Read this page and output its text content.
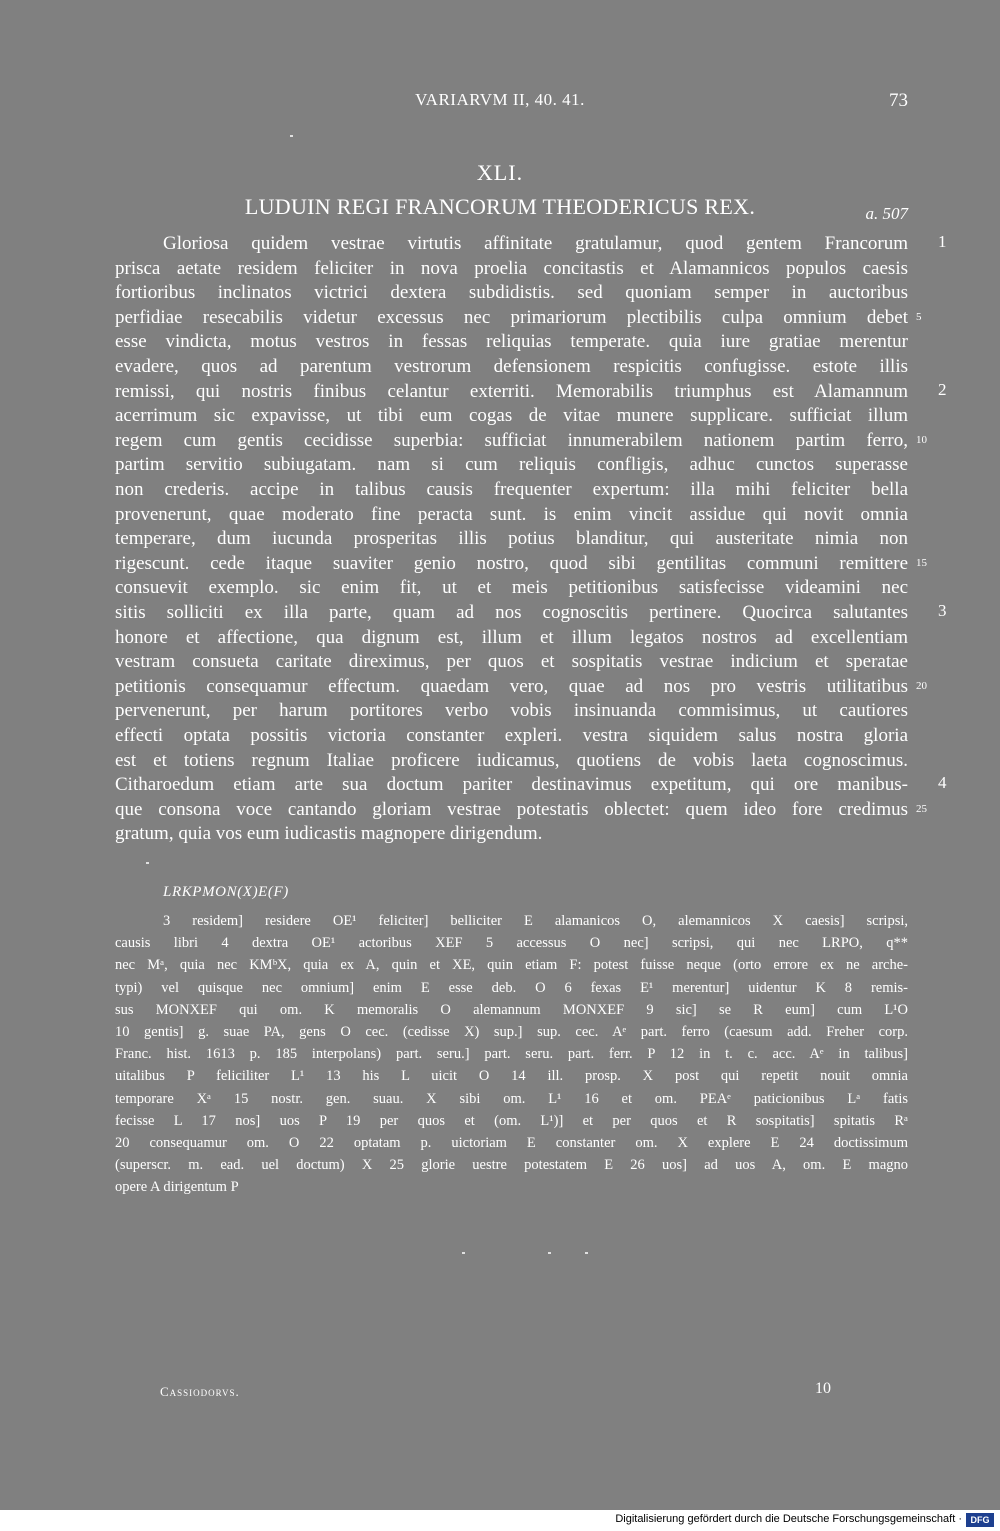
VARIARVM II, 40. 41.	73
XLI.
LUDUIN REGI FRANCORUM THEODERICUS REX.	a. 507
Gloriosa quidem vestrae virtutis affinitate gratulamur, quod gentem Francorum
prisca aetate residem feliciter in nova proelia concitastis et Alamannicos populos caesis
fortioribus inclinatos victrici dextera subdidistis. sed quoniam semper in auctoribus
perfidiae resecabilis videtur excessus nec primariorum plectibilis culpa omnium debet
esse vindicta, motus vestros in fessas reliquias temperate. quia iure gratiae merentur
evadere, quos ad parentum vestrorum defensionem respicitis confugisse. estote illis
remissi, qui nostris finibus celantur exterriti. Memorabilis triumphus est Alamannum
acerrimum sic expavisse, ut tibi eum cogas de vitae munere supplicare. sufficiat illum
regem cum gentis cecidisse superbia: sufficiat innumerabilem nationem partim ferro,
partim servitio subiugatam. nam si cum reliquis confligis, adhuc cunctos superasse
non crederis. accipe in talibus causis frequenter expertum: illa mihi feliciter bella
provenerunt, quae moderato fine peracta sunt. is enim vincit assidue qui novit omnia
temperare, dum iucunda prosperitas illis potius blanditur, qui austeritate nimia non
rigescunt. cede itaque suaviter genio nostro, quod sibi gentilitas communi remittere
consuevit exemplo. sic enim fit, ut et meis petitionibus satisfecisse videamini nec
sitis solliciti ex illa parte, quam ad nos cognoscitis pertinere. Quocirca salutantes
honore et affectione, qua dignum est, illum et illum legatos nostros ad excellentiam
vestram consueta caritate direximus, per quos et sospitatis vestrae indicium et speratae
petitionis consequamur effectum. quaedam vero, quae ad nos pro vestris utilitatibus
pervenerunt, per harum portitores verbo vobis insinuanda commisimus, ut cautiores
effecti optata possitis victoria constanter expleri. vestra siquidem salus nostra gloria
est et totiens regnum Italiae proficere iudicamus, quotiens de vobis laeta cognoscimus.
Citharoedum etiam arte sua doctum pariter destinavimus expetitum, qui ore manibus-
que consona voce cantando gloriam vestrae potestatis oblectet: quem ideo fore credimus
gratum, quia vos eum iudicastis magnopere dirigendum.
1
2
3
4
5
10
15
20
25
LRKPMON(X)E(F)
3 residem] residere OE¹ feliciter] belliciter E alamanicos O, alemannicos X caesis] scripsi,
causis libri 4 dextra OE¹ actoribus XEF 5 accessus O nec] scripsi, qui nec LRPO, q**
nec Mᵃ, quia nec KMᵇX, quia ex A, quin et XE, quin etiam F: potest fuisse neque (orto errore ex ne arche-
typi) vel quisque nec omnium] enim E esse deb. O 6 fexas E¹ merentur] uidentur K 8 remis-
sus MONXEF qui om. K memoralis O alemannum MONXEF 9 sic] se R eum] cum L¹O
10 gentis] g. suae PA, gens O cec. (cedisse X) sup.] sup. cec. Aᵉ part. ferro (caesum add. Freher corp.
Franc. hist. 1613 p. 185 interpolans) part. seru.] part. seru. part. ferr. P 12 in t. c. acc. Aᵉ in talibus]
uitalibus P feliciliter L¹ 13 his L uicit O 14 ill. prosp. X post qui repetit nouit omnia
temporare Xᵃ 15 nostr. gen. suau. X sibi om. L¹ 16 et om. PEAᵉ paticionibus Lᵃ fatis
fecisse L 17 nos] uos P 19 per quos et (om. L¹)] et per quos et R sospitatis] spitatis Rᵃ
20 consequamur om. O 22 optatam p. uictoriam E constanter om. X explere E 24 doctissimum
(superscr. m. ead. uel doctum) X 25 glorie uestre potestatem E 26 uos] ad uos A, om. E magno
opere A dirigentum P
Cassiodorvs.	10
Digitalisierung gefördert durch die Deutsche Forschungsgemeinschaft · DFG
